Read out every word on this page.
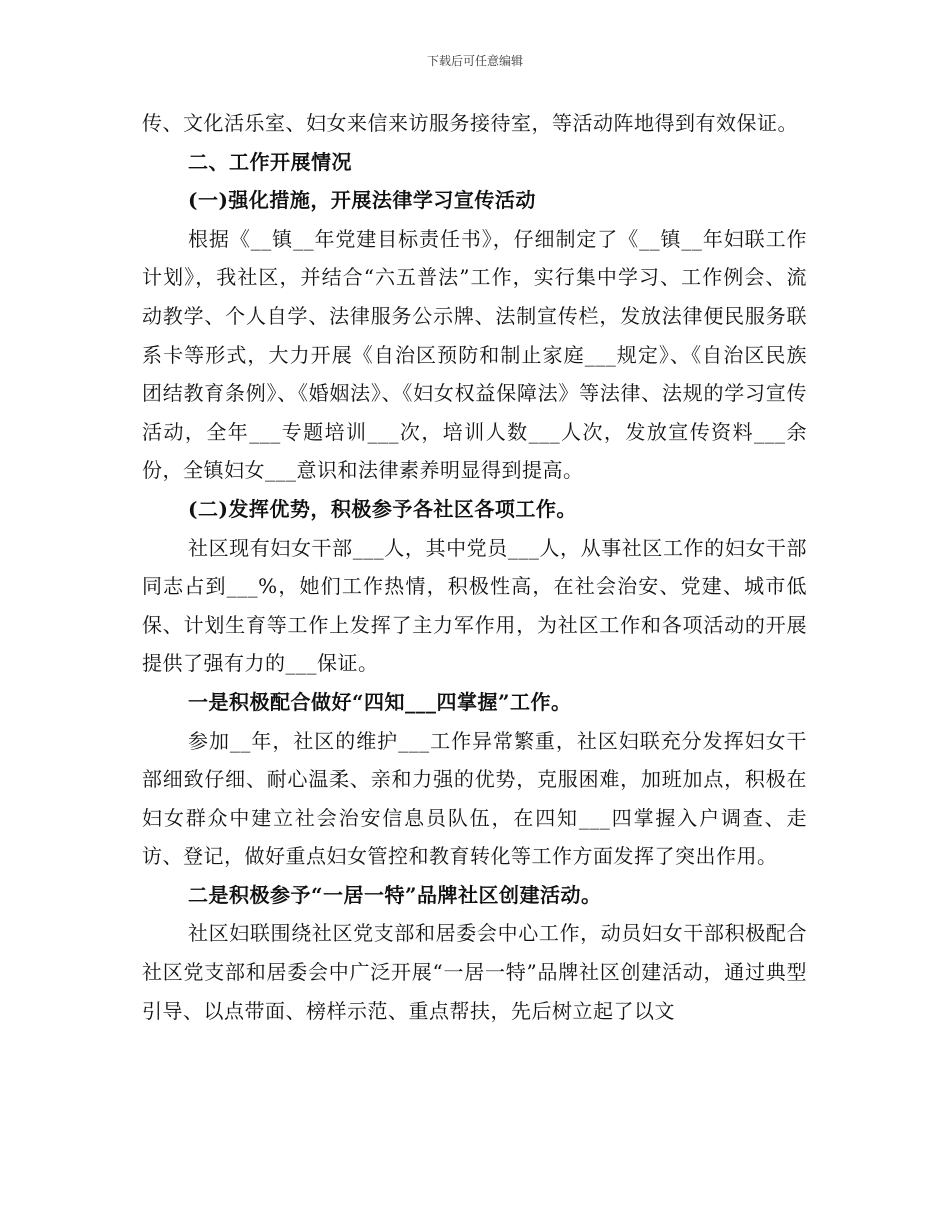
下载后可任意编辑

传、文化活乐室、妇女来信来访服务接待室，等活动阵地得到有效保证。

二、工作开展情况

(一)强化措施，开展法律学习宣传活动

根据《__镇__年党建目标责任书》，仔细制定了《__镇__年妇联工作计划》，我社区，并结合“六五普法”工作，实行集中学习、工作例会、流动教学、个人自学、法律服务公示牌、法制宣传栏，发放法律便民服务联系卡等形式，大力开展《自治区预防和制止家庭___规定》、《自治区民族团结教育条例》、《婚姻法》、《妇女权益保障法》等法律、法规的学习宣传活动，全年___专题培训___次，培训人数___人次，发放宣传资料___余份，全镇妇女___意识和法律素养明显得到提高。

(二)发挥优势，积极参予各社区各项工作。

社区现有妇女干部___人，其中党员___人，从事社区工作的妇女干部同志占到___%，她们工作热情，积极性高，在社会治安、党建、城市低保、计划生育等工作上发挥了主力军作用，为社区工作和各项活动的开展提供了强有力的___保证。

一是积极配合做好“四知___四掌握”工作。

参加__年，社区的维护___工作异常繁重，社区妇联充分发挥妇女干部细致仔细、耐心温柔、亲和力强的优势，克服困难，加班加点，积极在妇女群众中建立社会治安信息员队伍，在四知___四掌握入户调查、走访、登记，做好重点妇女管控和教育转化等工作方面发挥了突出作用。

二是积极参予“一居一特”品牌社区创建活动。

社区妇联围绕社区党支部和居委会中心工作，动员妇女干部积极配合社区党支部和居委会中广泛开展“一居一特”品牌社区创建活动，通过典型引导、以点带面、榜样示范、重点帮扶，先后树立起了以文
